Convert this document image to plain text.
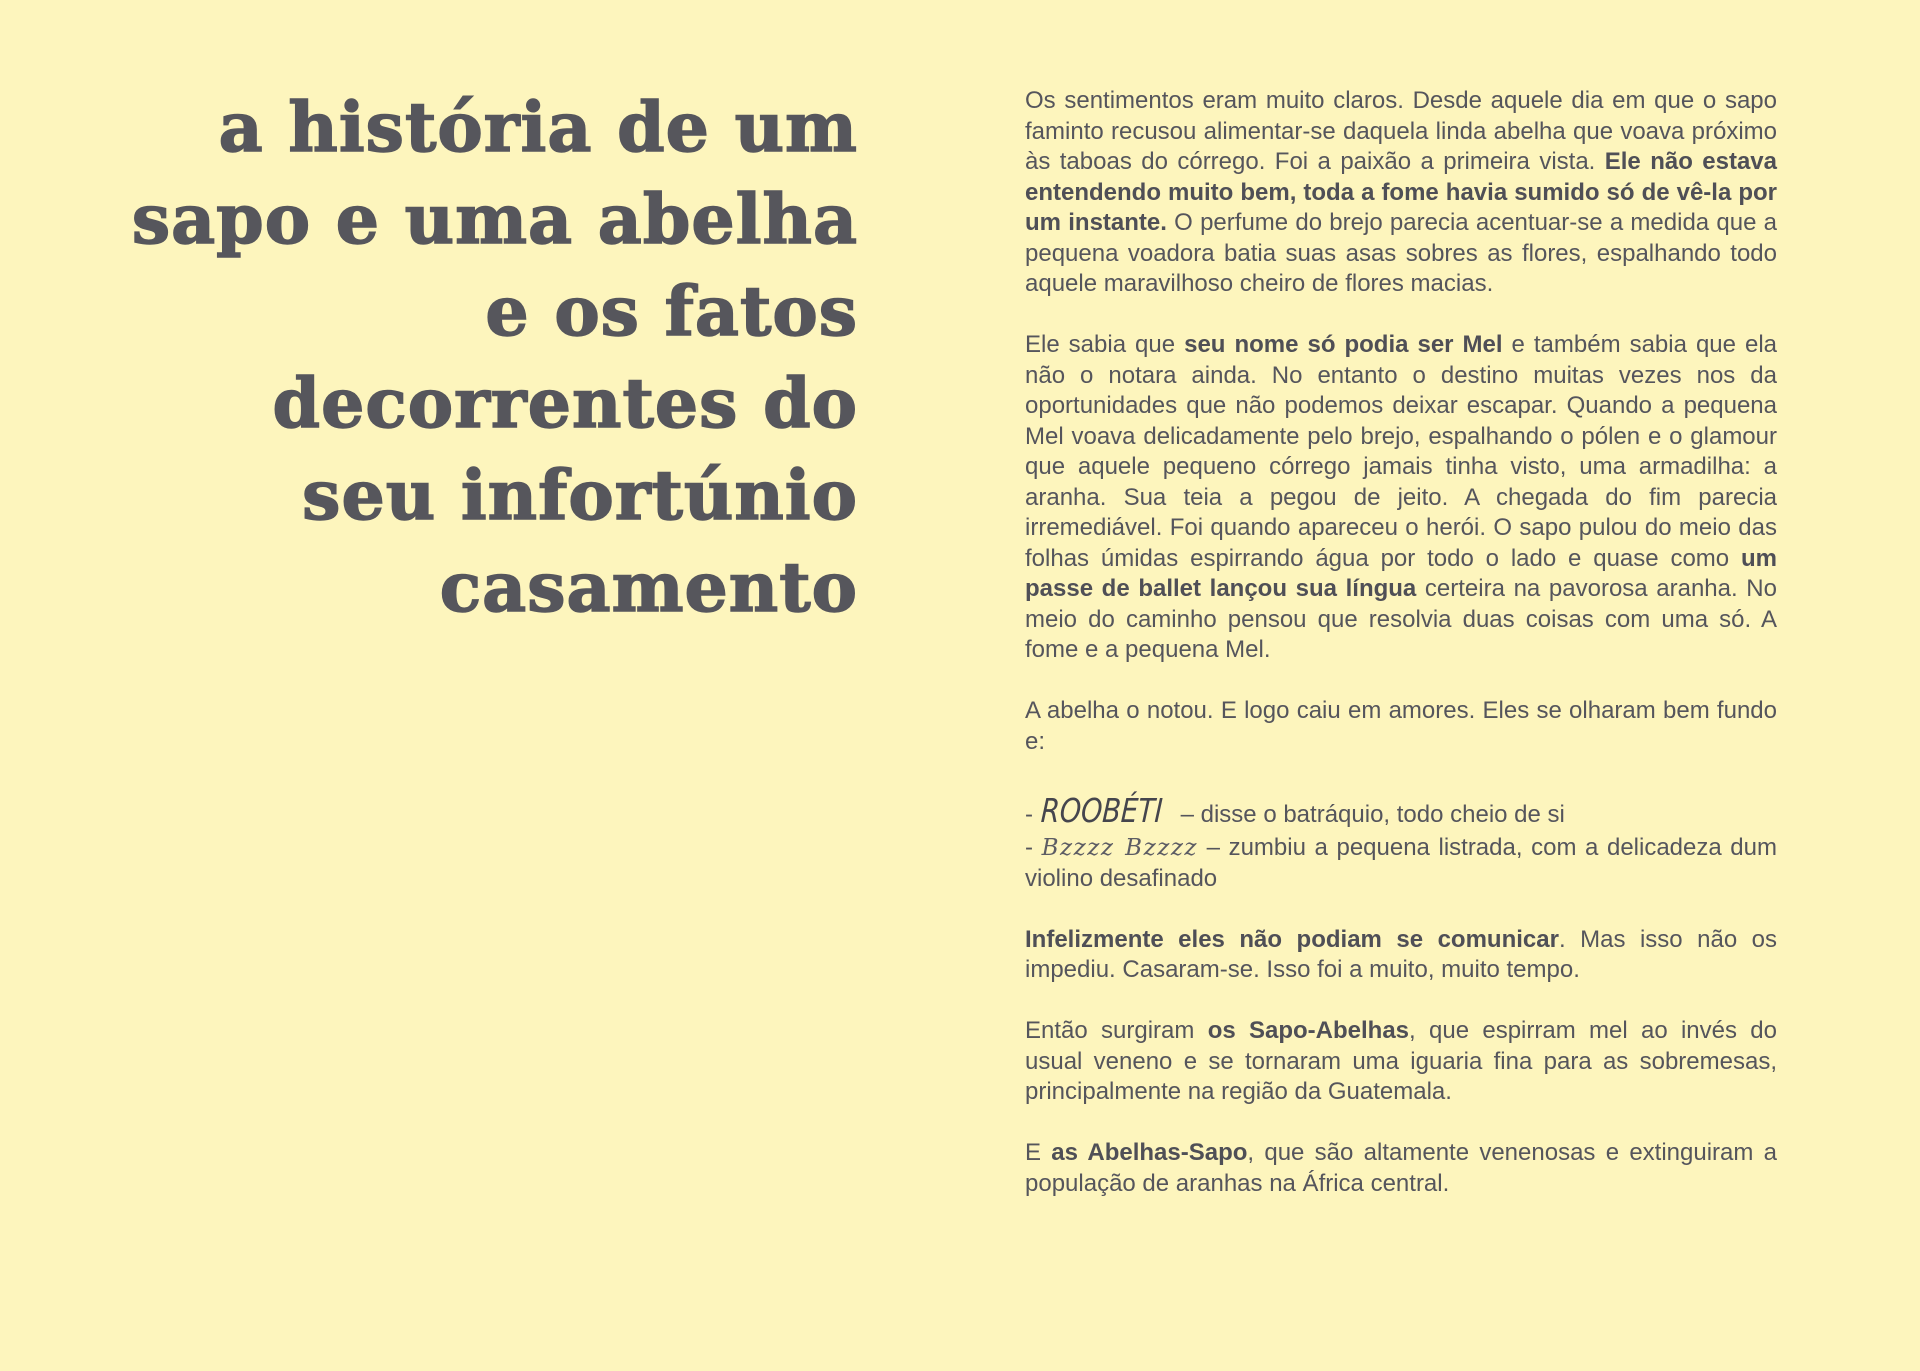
a história de um
sapo e uma abelha
e os fatos
decorrentes do
seu infortúnio
casamento

Os sentimentos eram muito claros. Desde aquele dia em que o sapo faminto recusou alimentar-se daquela linda abelha que voava próximo às taboas do córrego. Foi a paixão a primeira vista. Ele não estava entendendo muito bem, toda a fome havia sumido só de vê-la por um instante. O perfume do brejo parecia acentuar-se a medida que a pequena voadora batia suas asas sobres as flores, espalhando todo aquele maravilhoso cheiro de flores macias.

Ele sabia que seu nome só podia ser Mel e também sabia que ela não o notara ainda. No entanto o destino muitas vezes nos da oportunidades que não podemos deixar escapar. Quando a pequena Mel voava delicadamente pelo brejo, espalhando o pólen e o glamour que aquele pequeno córrego jamais tinha visto, uma armadilha: a aranha. Sua teia a pegou de jeito. A chegada do fim parecia irremediável. Foi quando apareceu o herói. O sapo pulou do meio das folhas úmidas espirrando água por todo o lado e quase como um passe de ballet lançou sua língua certeira na pavorosa aranha. No meio do caminho pensou que resolvia duas coisas com uma só. A fome e a pequena Mel.

A abelha o notou. E logo caiu em amores. Eles se olharam bem fundo e:

- ROOBÉTI – disse o batráquio, todo cheio de si
- Bzzzz Bzzzz – zumbiu a pequena listrada, com a delicadeza dum violino desafinado

Infelizmente eles não podiam se comunicar. Mas isso não os impediu. Casaram-se. Isso foi a muito, muito tempo.

Então surgiram os Sapo-Abelhas, que espirram mel ao invés do usual veneno e se tornaram uma iguaria fina para as sobremesas, principalmente na região da Guatemala.

E as Abelhas-Sapo, que são altamente venenosas e extinguiram a população de aranhas na África central.
